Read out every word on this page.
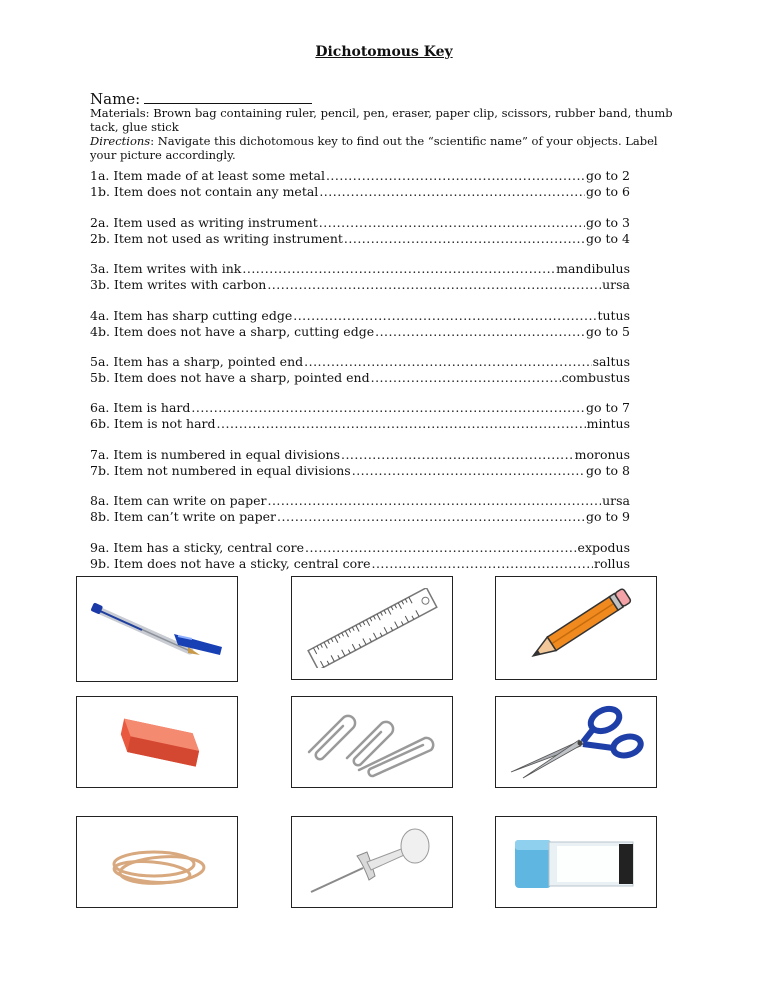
Dichotomous Key
Name:
Materials: Brown bag containing ruler, pencil, pen, eraser, paper clip, scissors, rubber band, thumb tack, glue stick
Directions: Navigate this dichotomous key to find out the “scientific name” of your objects. Label your picture accordingly.
1a. Item made of at least some metal .....	go to 2
1b. Item does not contain any metal .....	go to 6
2a. Item used as writing instrument .....	go to 3
2b. Item not used as writing instrument .....	go to 4
3a. Item writes with ink .....	mandibulus
3b. Item writes with carbon .....	ursa
4a. Item has sharp cutting edge .....	tutus
4b. Item does not have a sharp, cutting edge .....	go to 5
5a. Item has a sharp, pointed end .....	saltus
5b. Item does not have a sharp, pointed end .....	combustus
6a. Item is hard .....	go to 7
6b. Item is not hard .....	mintus
7a. Item is numbered in equal divisions .....	moronus
7b. Item not numbered in equal divisions .....	go to 8
8a. Item can write on paper .....	ursa
8b. Item can’t write on paper .....	go to 9
9a. Item has a sticky, central core .....	expodus
9b. Item does not have a sticky, central core .....	rollus
